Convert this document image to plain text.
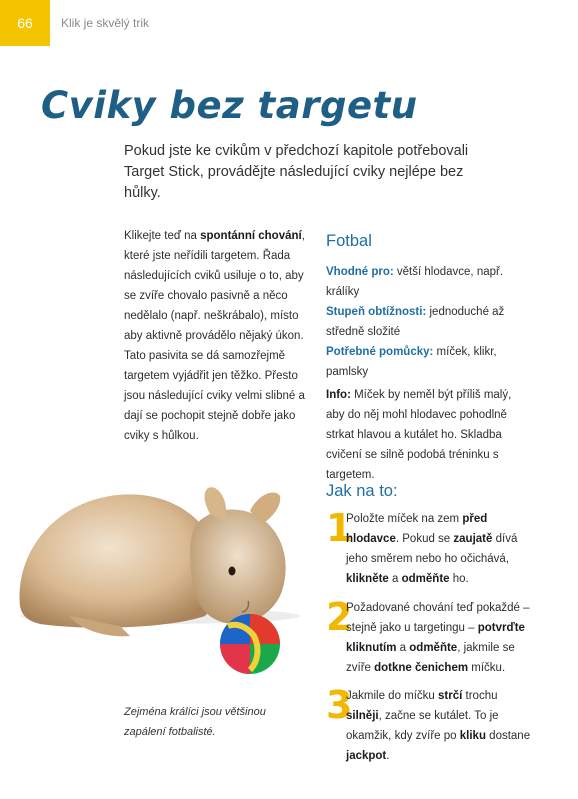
66 Klik je skvělý trik
Cviky bez targetu
Pokud jste ke cvikům v předchozí kapitole potřebovali Target Stick, provádějte následující cviky nejlépe bez hůlky.
Klikejte teď na spontánní chování, které jste neřídili targetem. Řada následujících cviků usiluje o to, aby se zvíře chovalo pasivně a něco nedělalo (např. neškrábalo), místo aby aktivně provádělo nějaký úkon. Tato pasivita se dá samozřejmě targetem vyjádřit jen těžko. Přesto jsou následující cviky velmi slibné a dají se pochopit stejně dobře jako cviky s hůlkou.
Fotbal
Vhodné pro: větší hlodavce, např. králíky
Stupeň obtížnosti: jednoduché až středně složité
Potřebné pomůcky: míček, klikr, pamlsky
Info: Míček by neměl být příliš malý, aby do něj mohl hlodavec pohodlně strkat hlavou a kutálet ho. Skladba cvičení se silně podobá tréninku s targetem.
Jak na to:
1
Položte míček na zem před hlodavce. Pokud se zaujatě dívá jeho směrem nebo ho očichává, klikněte a odměňte ho.
2
Požadované chování teď pokaždé – stejně jako u targetingu – potvrďte kliknutím a odměňte, jakmile se zvíře dotkne čenichem míčku.
3
Jakmile do míčku strčí trochu silněji, začne se kutálet. To je okamžik, kdy zvíře po kliku dostane jackpot.
Zejména králíci jsou většinou zapálení fotbalisté.
